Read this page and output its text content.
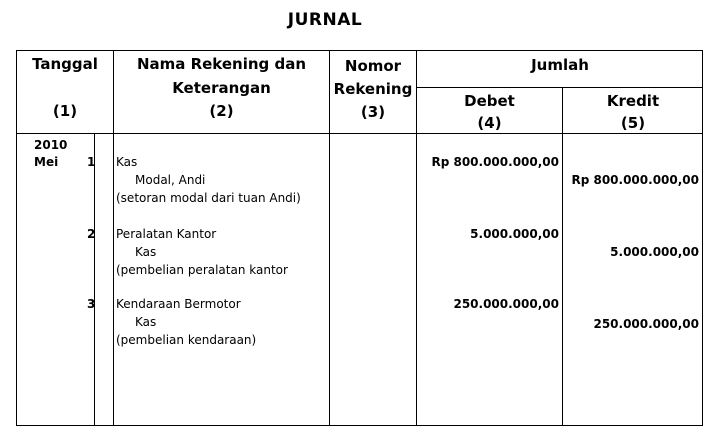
JURNAL
Tanggal
(1)
Nama Rekening dan
Keterangan
(2)
Nomor
Rekening
(3)
Jumlah
Debet
(4)
Kredit
(5)
2010
Mei 1 Kas
Modal, Andi
(setoran modal dari tuan Andi)
Rp 800.000.000,00
Rp 800.000.000,00
2 Peralatan Kantor
Kas
(pembelian peralatan kantor
5.000.000,00
5.000.000,00
3 Kendaraan Bermotor
Kas
(pembelian kendaraan)
250.000.000,00
250.000.000,00
